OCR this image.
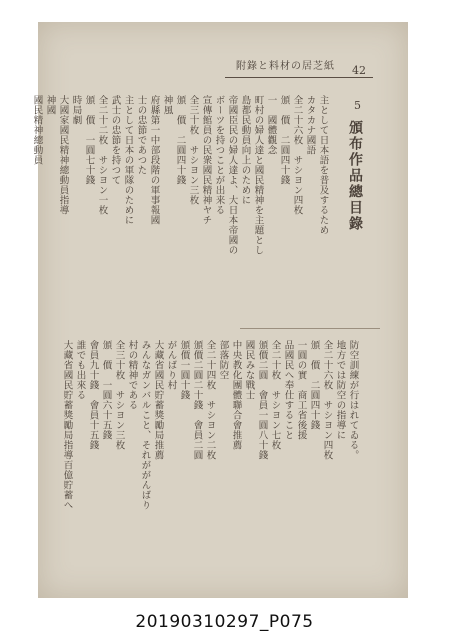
附錄と料材の居芝紙 42
5
頒布作品總目錄
主として日本語を普及するため
カタカナ國語
全二十六枚　サシヨン四枚
頒　價　二圓四十錢
一　國體觀念
町村の婦人達と國民精神を主題とし
島都民動員向上のために
帝國臣民の婦人達よ、大日本帝國の
ボーツを持つことが出来る
宣傳館員の民衆國民精神ヤチ
全三十枚　サシヨン三枚
頒　價　二圓四十錢
神風
府縣第一中部段階の軍事報國
士の忠節であつた
主として日本の軍隊のために
武士の忠節を持つて
全二十二枚　サシヨン一枚
頒　價　一圓七十錢
時局劇
大國家國民精神總動員指導
神國
國民精神總動員
防空訓練が行はれてゐる。
地方では防空の指導に
全二十六枚　サシヨン四枚
頒　價　二圓四十錢
一圓の實　商工省後援
品國民へ奉仕すること
全二十枚　サシヨン七枚
頒價二圓　會員一圓八十錢
國民みな戰士
中央教化團體聯合會推薦
部落防空
全二十四枚　サシヨン二枚
頒價二圓二十錢　會員二圓
頒價一圓十錢
がんばり村
大藏省國民貯蓄獎勵局推薦
みんなガンバルこと、それががんばり
村の精神である
全三十枚　サシヨン三枚
頒　價　一圓六十五錢
會員九十錢　會員十五錢
誰でも出來る
大藏省國民貯蓄獎勵局指導百億貯蓄へ
20190310297_P075
